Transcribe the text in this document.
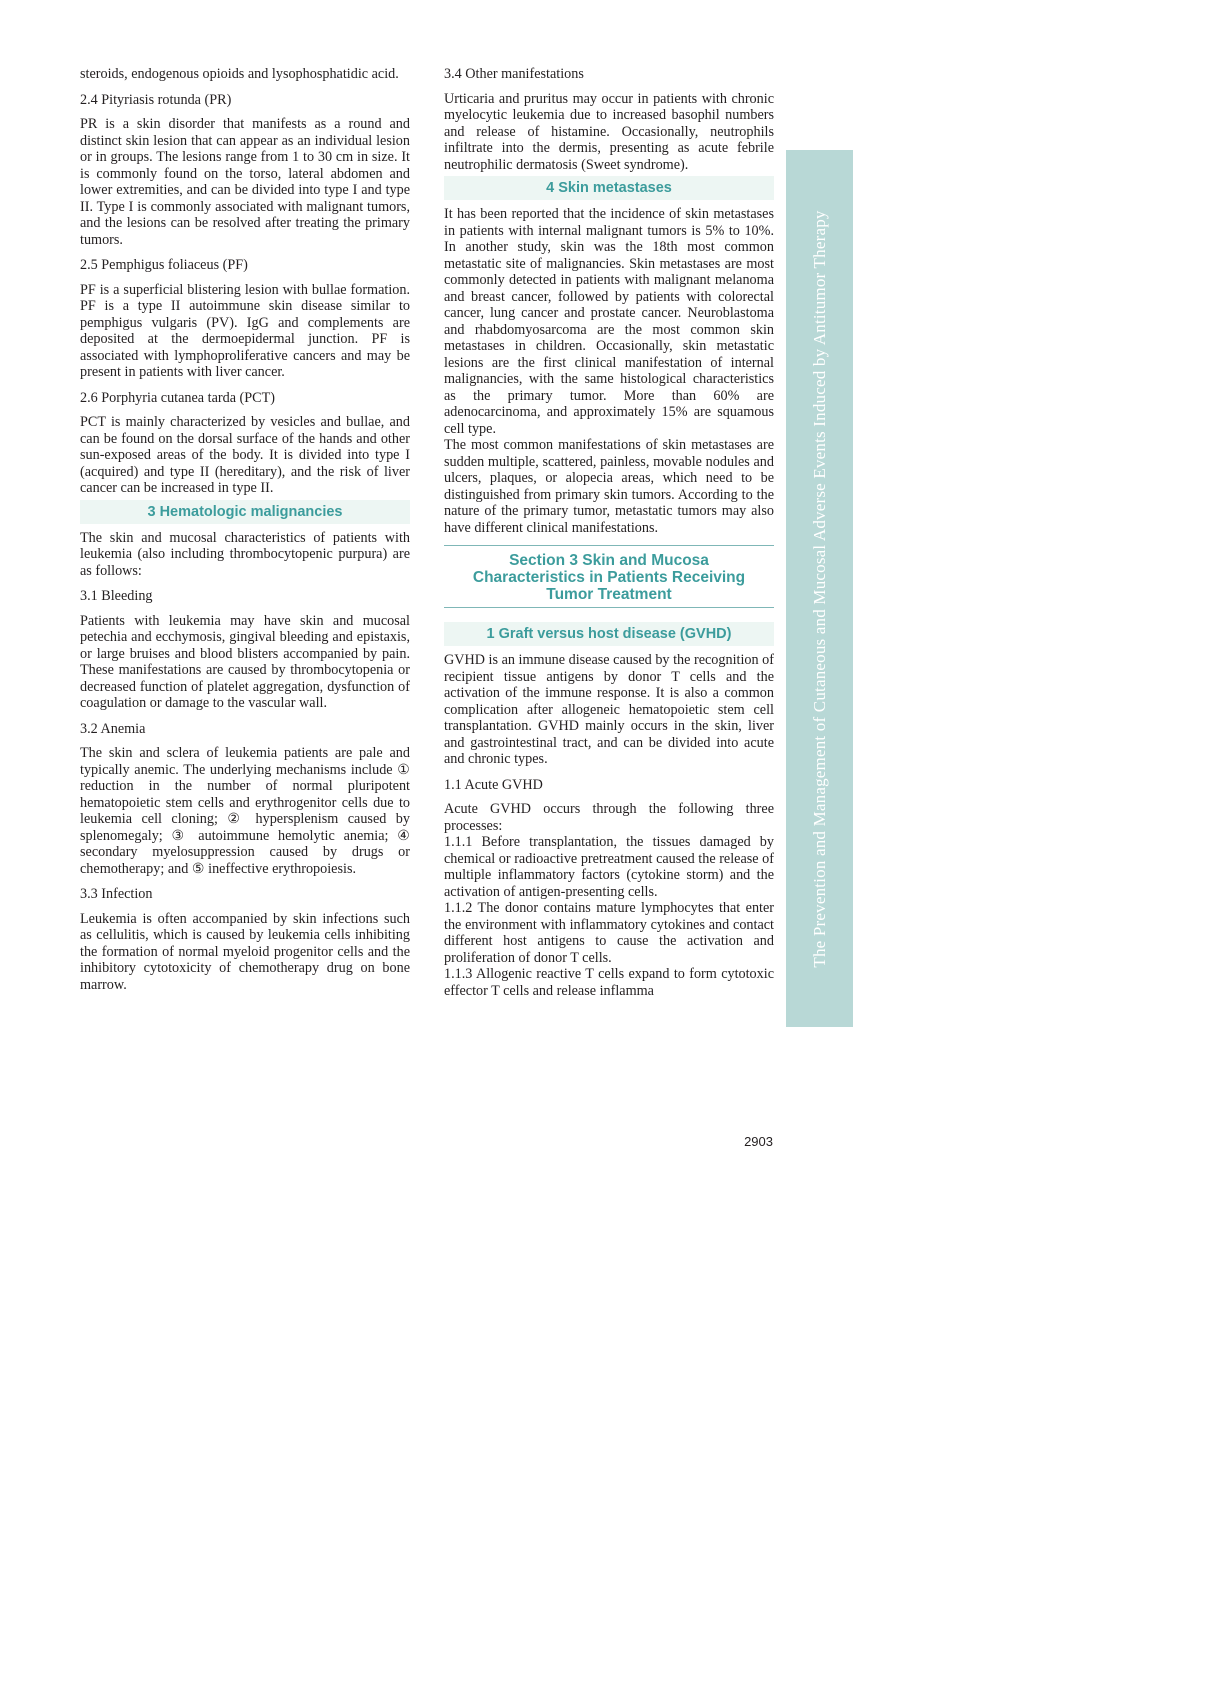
steroids, endogenous opioids and lysophosphatidic acid.

2.4 Pityriasis rotunda (PR)

PR is a skin disorder that manifests as a round and distinct skin lesion that can appear as an individual lesion or in groups. The lesions range from 1 to 30 cm in size. It is commonly found on the torso, lateral abdomen and lower extremities, and can be divided into type I and type II. Type I is commonly associated with malignant tumors, and the lesions can be resolved after treating the primary tumors.

2.5 Pemphigus foliaceus (PF)

PF is a superficial blistering lesion with bullae formation. PF is a type II autoimmune skin disease similar to pemphigus vulgaris (PV). IgG and complements are deposited at the dermoepidermal junction. PF is associated with lymphoproliferative cancers and may be present in patients with liver cancer.

2.6 Porphyria cutanea tarda (PCT)

PCT is mainly characterized by vesicles and bullae, and can be found on the dorsal surface of the hands and other sun-exposed areas of the body. It is divided into type I (acquired) and type II (hereditary), and the risk of liver cancer can be increased in type II.

3 Hematologic malignancies

The skin and mucosal characteristics of patients with leukemia (also including thrombocytopenic purpura) are as follows:

3.1 Bleeding

Patients with leukemia may have skin and mucosal petechia and ecchymosis, gingival bleeding and epistaxis, or large bruises and blood blisters accompanied by pain. These manifestations are caused by thrombocytopenia or decreased function of platelet aggregation, dysfunction of coagulation or damage to the vascular wall.

3.2 Anemia

The skin and sclera of leukemia patients are pale and typically anemic. The underlying mechanisms include ① reduction in the number of normal pluripotent hematopoietic stem cells and erythrogenitor cells due to leukemia cell cloning; ② hypersplenism caused by splenomegaly; ③ autoimmune hemolytic anemia; ④ secondary myelosuppression caused by drugs or chemotherapy; and ⑤ ineffective erythropoiesis.

3.3 Infection

Leukemia is often accompanied by skin infections such as cellulitis, which is caused by leukemia cells inhibiting the formation of normal myeloid progenitor cells and the inhibitory cytotoxicity of chemotherapy drug on bone marrow.

3.4 Other manifestations

Urticaria and pruritus may occur in patients with chronic myelocytic leukemia due to increased basophil numbers and release of histamine. Occasionally, neutrophils infiltrate into the dermis, presenting as acute febrile neutrophilic dermatosis (Sweet syndrome).

4 Skin metastases

It has been reported that the incidence of skin metastases in patients with internal malignant tumors is 5% to 10%. In another study, skin was the 18th most common metastatic site of malignancies. Skin metastases are most commonly detected in patients with malignant melanoma and breast cancer, followed by patients with colorectal cancer, lung cancer and prostate cancer. Neuroblastoma and rhabdomyosarcoma are the most common skin metastases in children. Occasionally, skin metastatic lesions are the first clinical manifestation of internal malignancies, with the same histological characteristics as the primary tumor. More than 60% are adenocarcinoma, and approximately 15% are squamous cell type.

The most common manifestations of skin metastases are sudden multiple, scattered, painless, movable nodules and ulcers, plaques, or alopecia areas, which need to be distinguished from primary skin tumors. According to the nature of the primary tumor, metastatic tumors may also have different clinical manifestations.

Section 3 Skin and Mucosa
Characteristics in Patients Receiving
Tumor Treatment
1 Graft versus host disease (GVHD)

GVHD is an immune disease caused by the recognition of recipient tissue antigens by donor T cells and the activation of the immune response. It is also a common complication after allogeneic hematopoietic stem cell transplantation. GVHD mainly occurs in the skin, liver and gastrointestinal tract, and can be divided into acute and chronic types.

1.1 Acute GVHD

Acute GVHD occurs through the following three processes:

1.1.1 Before transplantation, the tissues damaged by chemical or radioactive pretreatment caused the release of multiple inflammatory factors (cytokine storm) and the activation of antigen-presenting cells.

1.1.2 The donor contains mature lymphocytes that enter the environment with inflammatory cytokines and contact different host antigens to cause the activation and proliferation of donor T cells.

1.1.3 Allogenic reactive T cells expand to form cytotoxic effector T cells and release inflamma

The Prevention and Management of Cutaneous and Mucosal Adverse Events Induced by Antitumor Therapy
2903
